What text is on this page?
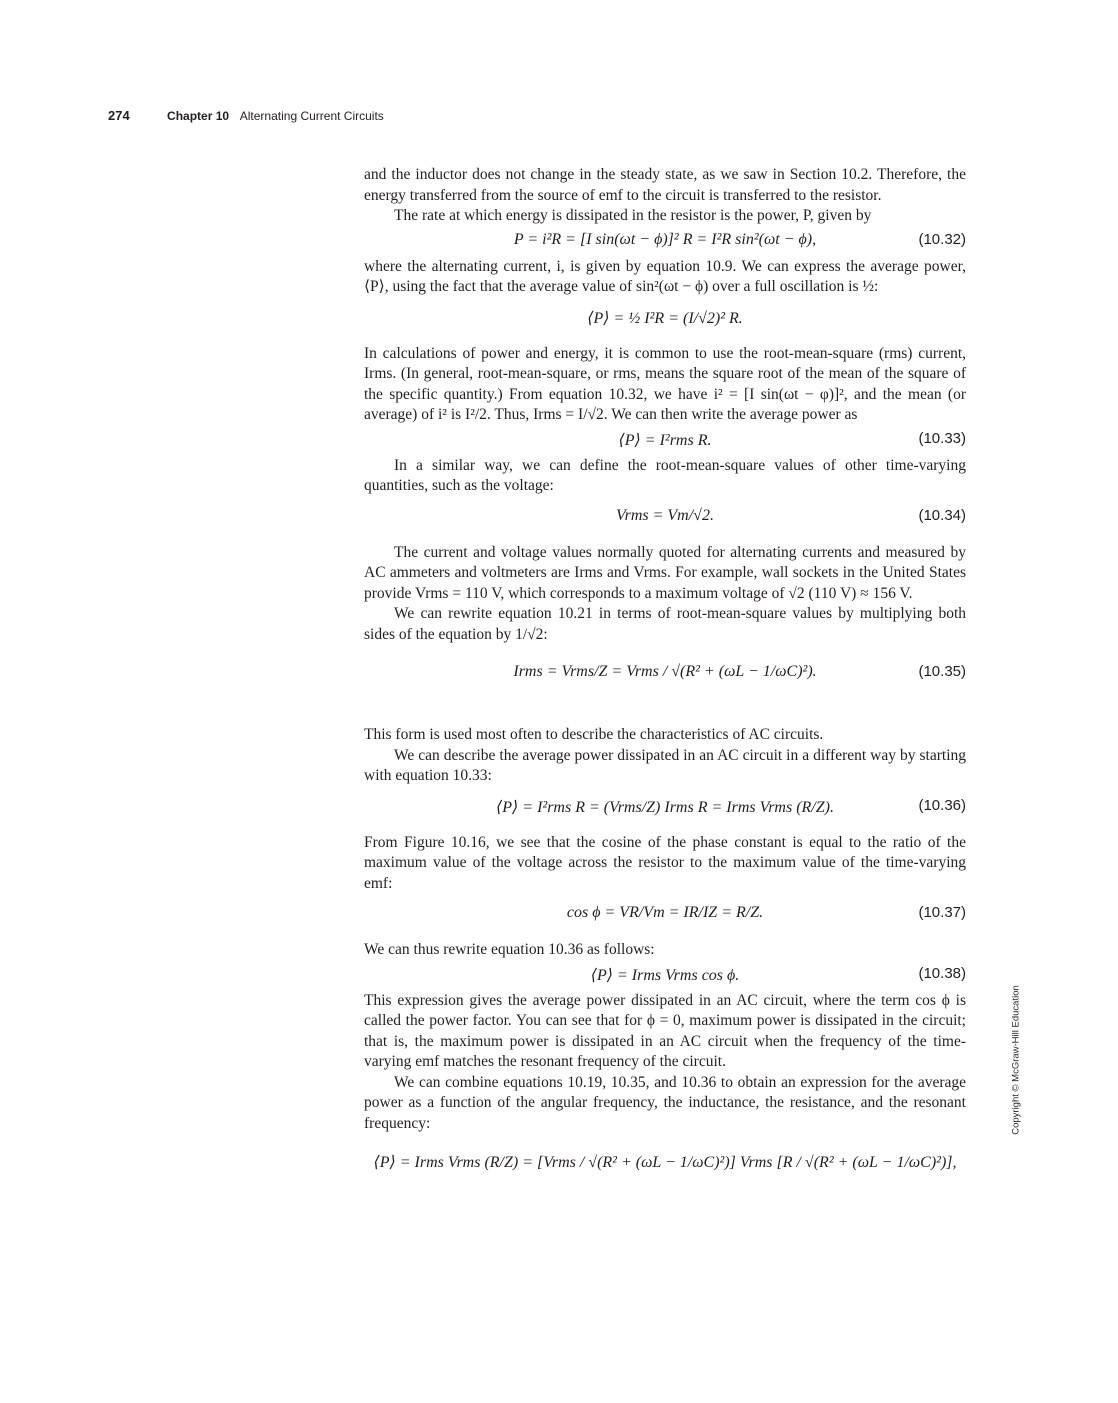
274	Chapter 10 Alternating Current Circuits
Copyright © McGraw-Hill Education

and the inductor does not change in the steady state, as we saw in Section 10.2. Therefore, the energy transferred from the source of emf to the circuit is transferred to the resistor.

The rate at which energy is dissipated in the resistor is the power, P, given by

P = i²R = [I sin(ωt − ϕ)]² R = I²R sin²(ωt − ϕ),	(10.32)

where the alternating current, i, is given by equation 10.9. We can express the average power, ⟨P⟩, using the fact that the average value of sin²(ωt − ϕ) over a full oscillation is ½:

⟨P⟩ = ½ I²R = (I/√2)² R.

In calculations of power and energy, it is common to use the root-mean-square (rms) current, Irms. (In general, root-mean-square, or rms, means the square root of the mean of the square of the specific quantity.) From equation 10.32, we have i² = [I sin(ωt − φ)]², and the mean (or average) of i² is I²/2. Thus, Irms = I/√2. We can then write the average power as

⟨P⟩ = I²rms R.	(10.33)

In a similar way, we can define the root-mean-square values of other time-varying quantities, such as the voltage:

Vrms = Vm/√2.	(10.34)

The current and voltage values normally quoted for alternating currents and measured by AC ammeters and voltmeters are Irms and Vrms. For example, wall sockets in the United States provide Vrms = 110 V, which corresponds to a maximum voltage of √2 (110 V) ≈ 156 V.

We can rewrite equation 10.21 in terms of root-mean-square values by multiplying both sides of the equation by 1/√2:

Irms = Vrms/Z = Vrms / √(R² + (ωL − 1/ωC)²).	(10.35)

This form is used most often to describe the characteristics of AC circuits.

We can describe the average power dissipated in an AC circuit in a different way by starting with equation 10.33:

⟨P⟩ = I²rms R = (Vrms/Z) Irms R = Irms Vrms (R/Z).	(10.36)

From Figure 10.16, we see that the cosine of the phase constant is equal to the ratio of the maximum value of the voltage across the resistor to the maximum value of the time-varying emf:

cos ϕ = VR/Vm = IR/IZ = R/Z.	(10.37)

We can thus rewrite equation 10.36 as follows:

⟨P⟩ = Irms Vrms cos ϕ.	(10.38)

This expression gives the average power dissipated in an AC circuit, where the term cos ϕ is called the power factor. You can see that for ϕ = 0, maximum power is dissipated in the circuit; that is, the maximum power is dissipated in an AC circuit when the frequency of the time-varying emf matches the resonant frequency of the circuit.

We can combine equations 10.19, 10.35, and 10.36 to obtain an expression for the average power as a function of the angular frequency, the inductance, the resistance, and the resonant frequency:

⟨P⟩ = Irms Vrms (R/Z) = [Vrms / √(R² + (ωL − 1/ωC)²)] Vrms [R / √(R² + (ωL − 1/ωC)²)],
